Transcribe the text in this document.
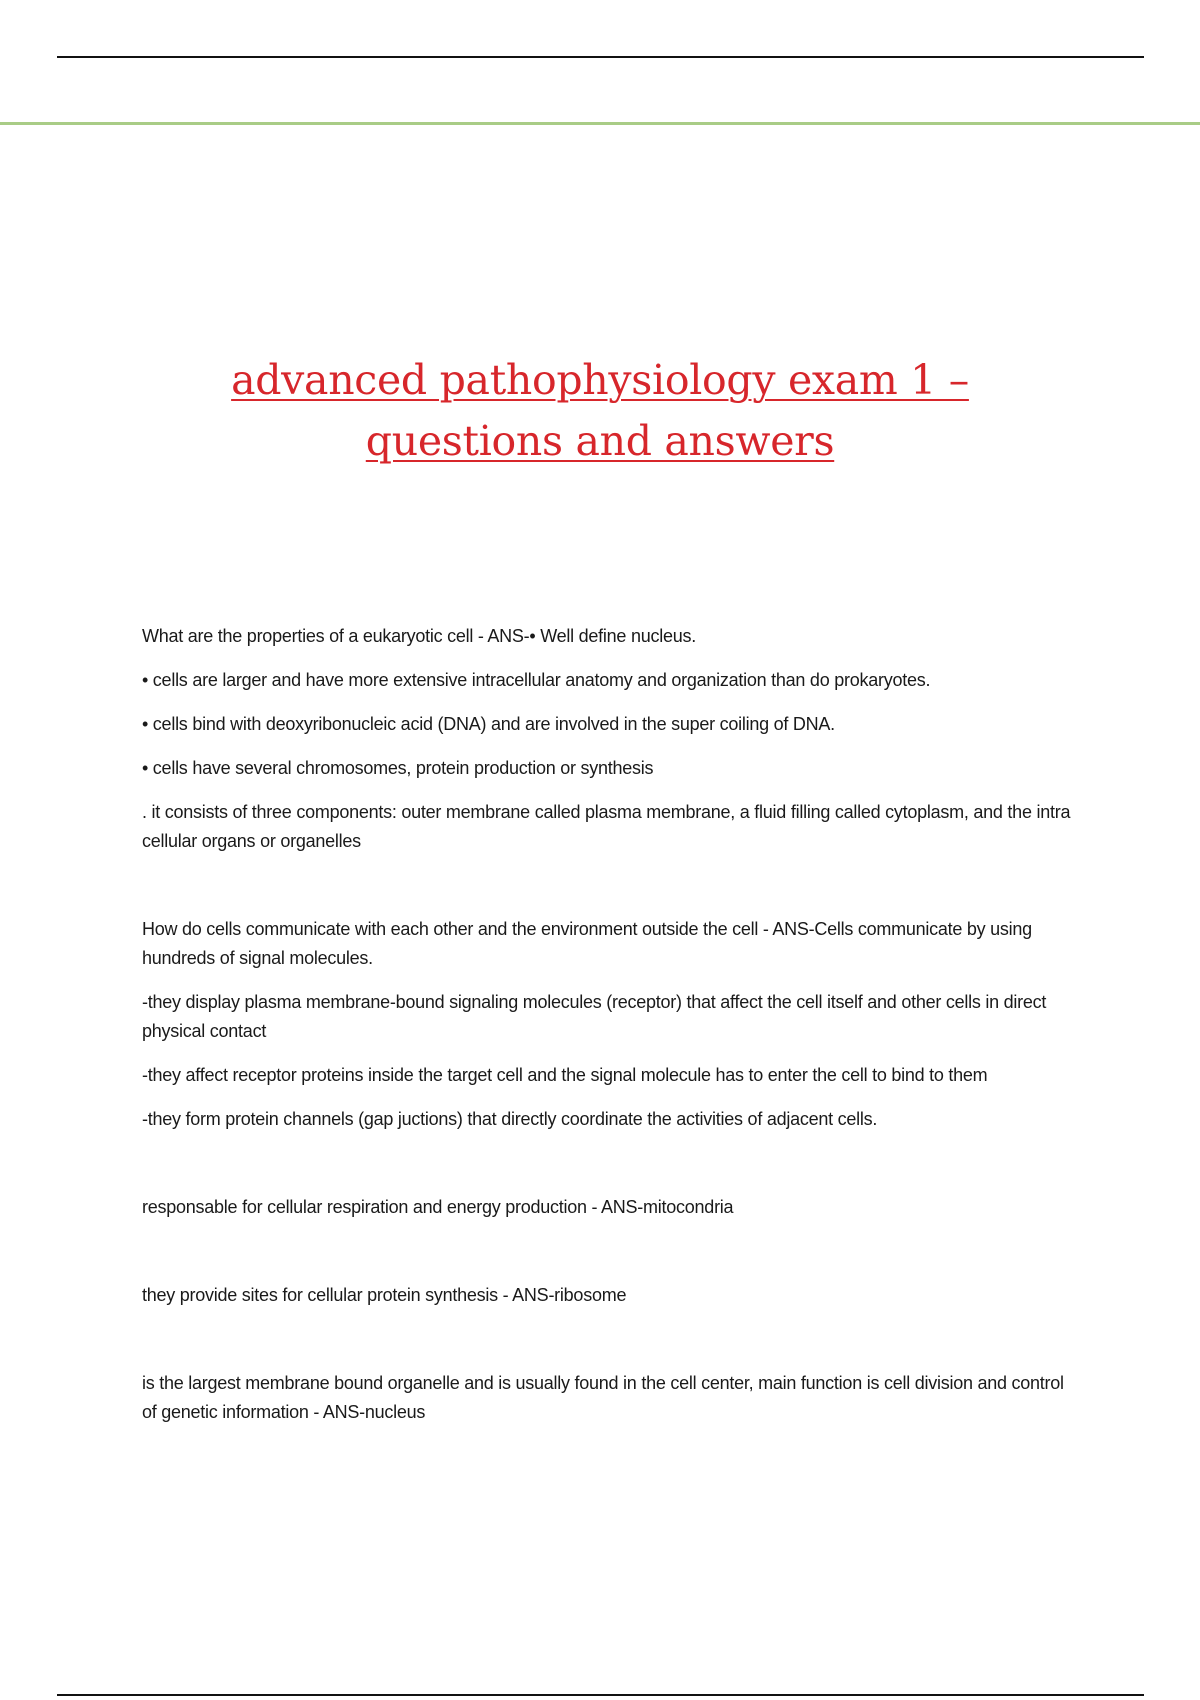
advanced pathophysiology exam 1 –
questions and answers

What are the properties of a eukaryotic cell - ANS-• Well define nucleus.

• cells are larger and have more extensive intracellular anatomy and organization than do prokaryotes.

• cells bind with deoxyribonucleic acid (DNA) and are involved in the super coiling of DNA.

• cells have several chromosomes, protein production or synthesis

. it consists of three components: outer membrane called plasma membrane, a fluid filling called cytoplasm, and the intra cellular organs or organelles

How do cells communicate with each other and the environment outside the cell - ANS-Cells communicate by using hundreds of signal molecules.

-they display plasma membrane-bound signaling molecules (receptor) that affect the cell itself and other cells in direct physical contact

-they affect receptor proteins inside the target cell and the signal molecule has to enter the cell to bind to them

-they form protein channels (gap juctions) that directly coordinate the activities of adjacent cells.

responsable for cellular respiration and energy production - ANS-mitocondria

they provide sites for cellular protein synthesis - ANS-ribosome

is the largest membrane bound organelle and is usually found in the cell center, main function is cell division and control of genetic information - ANS-nucleus
